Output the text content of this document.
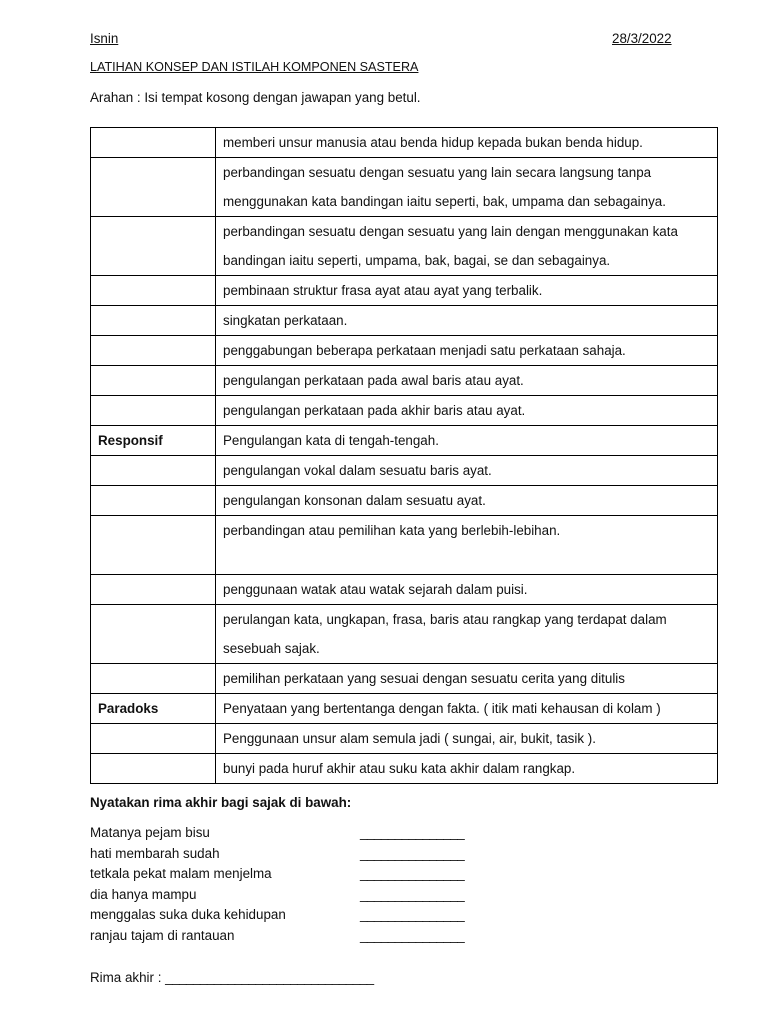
Isnin	28/3/2022
LATIHAN KONSEP DAN ISTILAH KOMPONEN SASTERA
Arahan : Isi tempat kosong dengan jawapan yang betul.
	memberi unsur manusia atau benda hidup kepada bukan benda hidup.
	perbandingan sesuatu dengan sesuatu yang lain secara langsung tanpa menggunakan kata bandingan iaitu seperti, bak, umpama dan sebagainya.
	perbandingan sesuatu dengan sesuatu yang lain dengan menggunakan kata bandingan iaitu seperti, umpama, bak, bagai, se dan sebagainya.
	pembinaan struktur frasa ayat atau ayat yang terbalik.
	singkatan perkataan.
	penggabungan beberapa perkataan menjadi satu perkataan sahaja.
	pengulangan perkataan pada awal baris atau ayat.
	pengulangan perkataan pada akhir baris atau ayat.
Responsif	Pengulangan kata di tengah-tengah.
	pengulangan vokal dalam sesuatu baris ayat.
	pengulangan konsonan dalam sesuatu ayat.
	perbandingan atau pemilihan kata yang berlebih-lebihan.
	penggunaan watak atau watak sejarah dalam puisi.
	perulangan kata, ungkapan, frasa, baris atau rangkap yang terdapat dalam sesebuah sajak.
	pemilihan perkataan yang sesuai dengan sesuatu cerita yang ditulis
Paradoks	Penyataan yang bertentanga dengan fakta. ( itik mati kehausan di kolam )
	Penggunaan unsur alam semula jadi ( sungai, air, bukit, tasik ).
	bunyi pada huruf akhir atau suku kata akhir dalam rangkap.
Nyatakan rima akhir bagi sajak di bawah:
Matanya pejam bisu	_______________
hati membarah sudah	_______________
tetkala pekat malam menjelma	_______________
dia hanya mampu	_______________
menggalas suka duka kehidupan	_______________
ranjau tajam di rantauan	_______________
Rima akhir : ______________________________
